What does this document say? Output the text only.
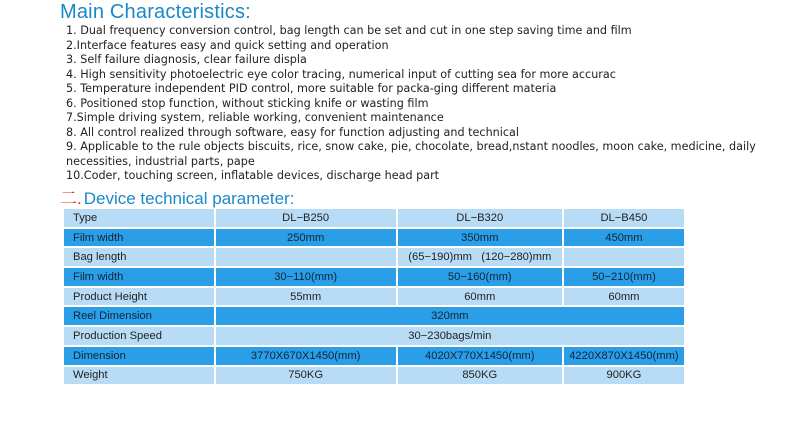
Main Characteristics:
1. Dual frequency conversion control, bag length can be set and cut in one step saving time and film
2.Interface features easy and quick setting and operation
3. Self failure diagnosis, clear failure displa
4. High sensitivity photoelectric eye color tracing, numerical input of cutting sea for more accurac
5. Temperature independent PID control, more suitable for packa-ging different materia
6. Positioned stop function, without sticking knife or wasting film
7.Simple driving system, reliable working, convenient maintenance
8. All control realized through software, easy for function adjusting and technical
9. Applicable to the rule objects biscuits, rice, snow cake, pie, chocolate, bread,nstant noodles, moon cake, medicine, daily necessities, industrial parts, pape
10.Coder, touching screen, inflatable devices, discharge head part
二. Device technical parameter:
Type	DL−B250	DL−B320	DL−B450
Film width	250mm	350mm	450mm
Bag length		(65−190)mm   (120−280)mm	
Film width	30−110(mm)	50−160(mm)	50−210(mm)
Product Height	55mm	60mm	60mm
Reel Dimension	320mm		
Production Speed	30−230bags/min		
Dimension	3770X670X1450(mm)	4020X770X1450(mm)	4220X870X1450(mm)
Weight	750KG	850KG	900KG
